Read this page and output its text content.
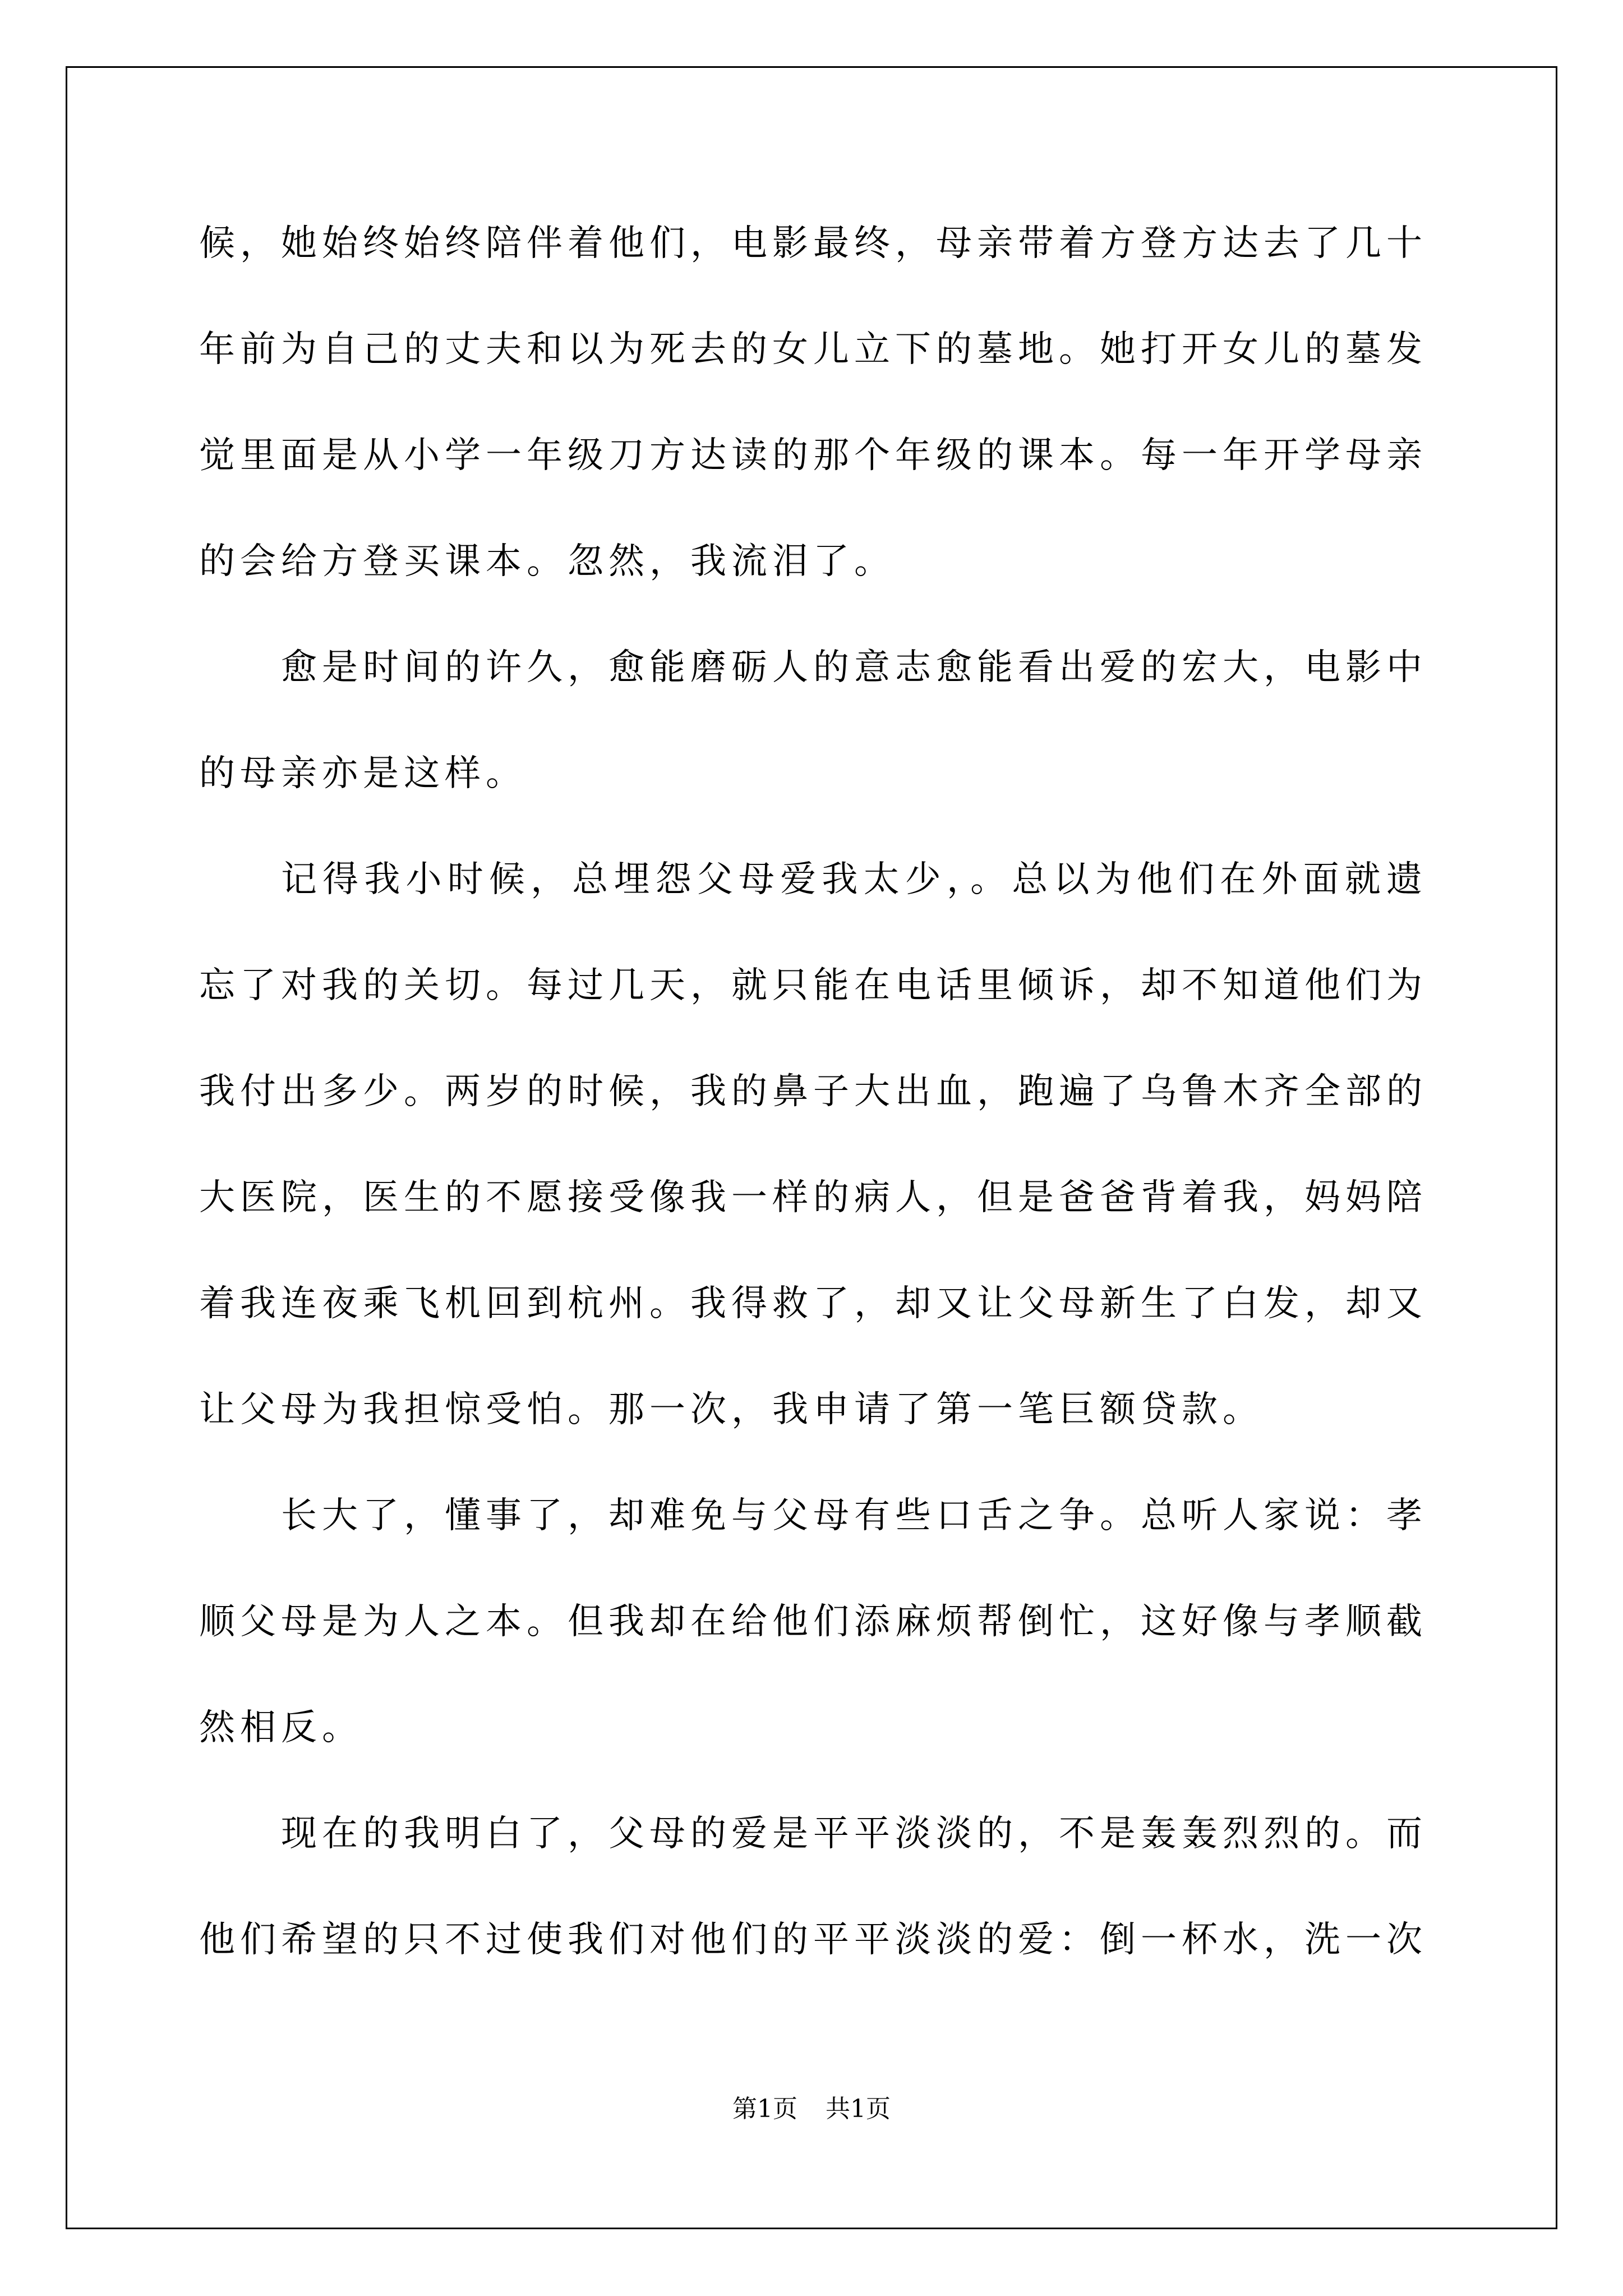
候，她始终始终陪伴着他们，电影最终，母亲带着方登方达去了几十年前为自己的丈夫和以为死去的女儿立下的墓地。她打开女儿的墓发觉里面是从小学一年级刀方达读的那个年级的课本。每一年开学母亲的会给方登买课本。忽然，我流泪了。

愈是时间的许久，愈能磨砺人的意志愈能看出爱的宏大，电影中的母亲亦是这样。

记得我小时候，总埋怨父母爱我太少，。总以为他们在外面就遗忘了对我的关切。每过几天，就只能在电话里倾诉，却不知道他们为我付出多少。两岁的时候，我的鼻子大出血，跑遍了乌鲁木齐全部的大医院，医生的不愿接受像我一样的病人，但是爸爸背着我，妈妈陪着我连夜乘飞机回到杭州。我得救了，却又让父母新生了白发，却又让父母为我担惊受怕。那一次，我申请了第一笔巨额贷款。

长大了，懂事了，却难免与父母有些口舌之争。总听人家说：孝顺父母是为人之本。但我却在给他们添麻烦帮倒忙，这好像与孝顺截然相反。

现在的我明白了，父母的爱是平平淡淡的，不是轰轰烈烈的。而他们希望的只不过使我们对他们的平平淡淡的爱：倒一杯水，洗一次

第1页 共1页
